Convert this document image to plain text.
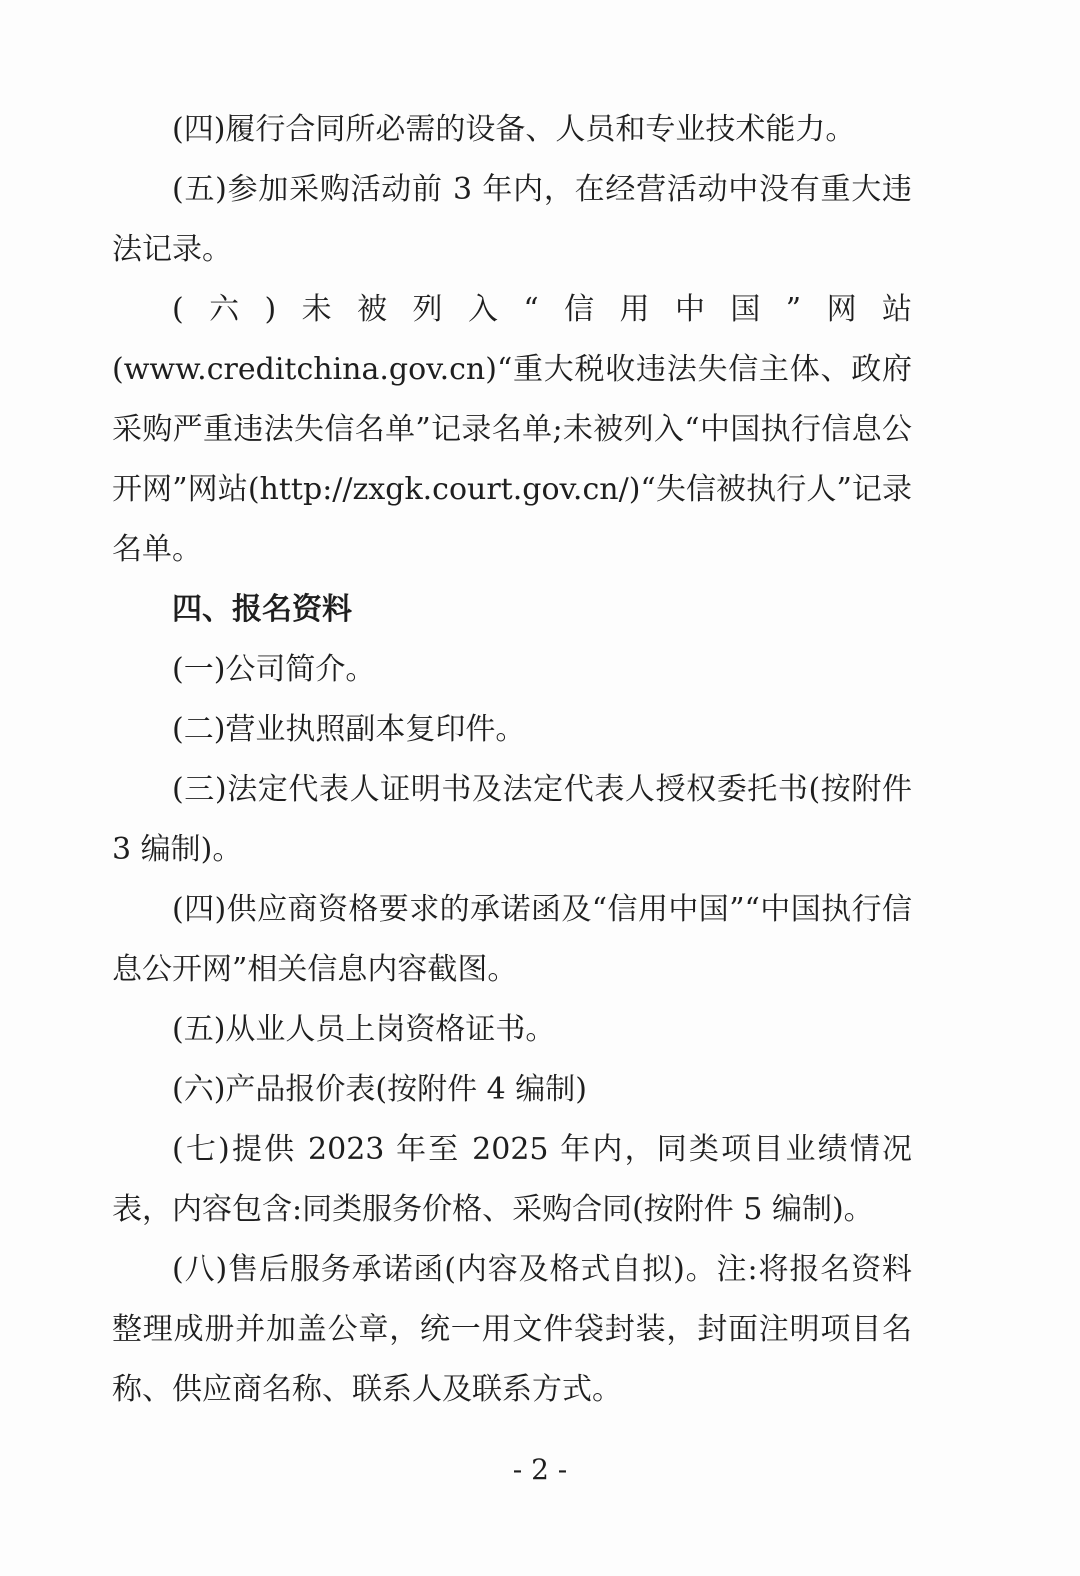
(四)履行合同所必需的设备、人员和专业技术能力。

(五)参加采购活动前 3 年内，在经营活动中没有重大违法记录。

(六)未被列入“信用中国”网站

(www.creditchina.gov.cn)“重大税收违法失信主体、政府采购严重违法失信名单”记录名单;未被列入“中国执行信息公开网”网站(http://zxgk.court.gov.cn/)“失信被执行人”记录名单。

四、报名资料

(一)公司简介。

(二)营业执照副本复印件。

(三)法定代表人证明书及法定代表人授权委托书(按附件 3 编制)。

(四)供应商资格要求的承诺函及“信用中国”“中国执行信息公开网”相关信息内容截图。

(五)从业人员上岗资格证书。

(六)产品报价表(按附件 4 编制)

(七)提供 2023 年至 2025 年内，同类项目业绩情况表，内容包含:同类服务价格、采购合同(按附件 5 编制)。

(八)售后服务承诺函(内容及格式自拟)。注:将报名资料整理成册并加盖公章，统一用文件袋封装，封面注明项目名称、供应商名称、联系人及联系方式。

- 2 -
